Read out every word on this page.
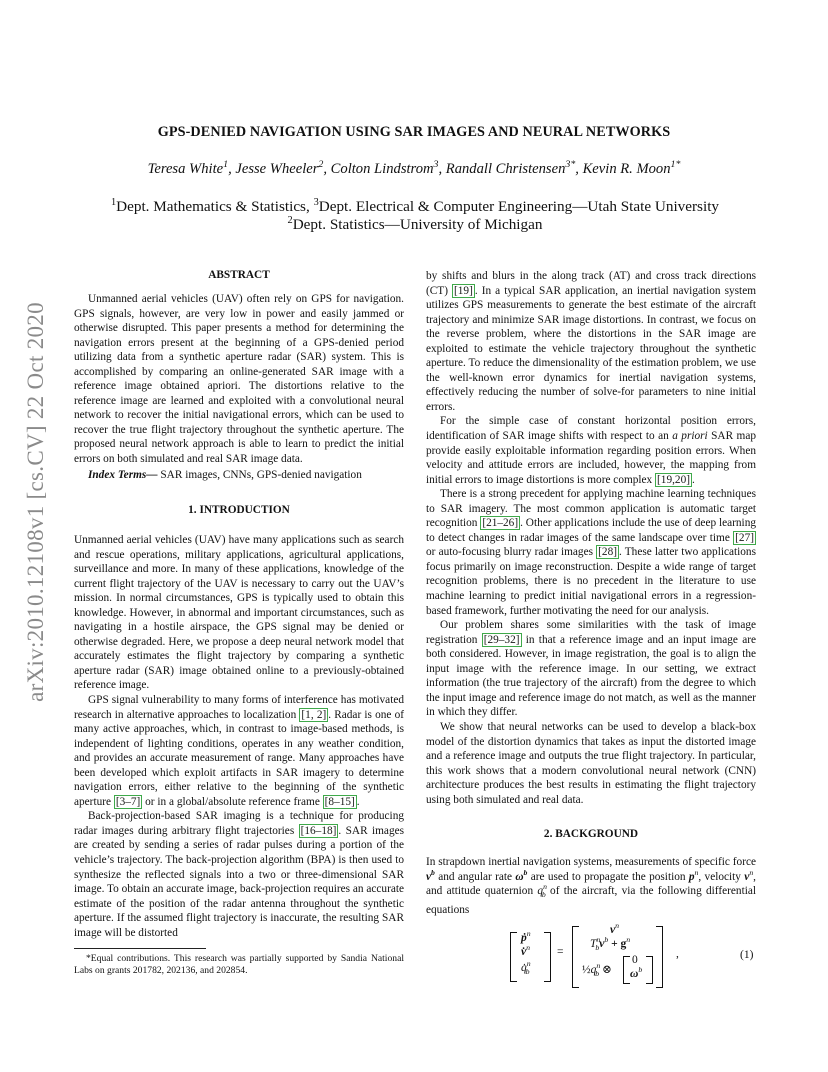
arXiv:2010.12108v1 [cs.CV] 22 Oct 2020
GPS-DENIED NAVIGATION USING SAR IMAGES AND NEURAL NETWORKS
Teresa White$^1$, Jesse Wheeler$^2$, Colton Lindstrom$^3$, Randall Christensen$^{3*}$, Kevin R. Moon$^{1*}$
$^1$Dept. Mathematics & Statistics, $^3$Dept. Electrical & Computer Engineering—Utah State University
$^2$Dept. Statistics—University of Michigan
ABSTRACT

Unmanned aerial vehicles (UAV) often rely on GPS for navigation. GPS signals, however, are very low in power and easily jammed or otherwise disrupted. This paper presents a method for determining the navigation errors present at the beginning of a GPS-denied period utilizing data from a synthetic aperture radar (SAR) system. This is accomplished by comparing an online-generated SAR image with a reference image obtained apriori. The distortions relative to the reference image are learned and exploited with a convolutional neural network to recover the initial navigational errors, which can be used to recover the true flight trajectory throughout the synthetic aperture. The proposed neural network approach is able to learn to predict the initial errors on both simulated and real SAR image data.

Index Terms— SAR images, CNNs, GPS-denied navigation
1. INTRODUCTION

Unmanned aerial vehicles (UAV) have many applications such as search and rescue operations, military applications, agricultural applications, surveillance and more. In many of these applications, knowledge of the current flight trajectory of the UAV is necessary to carry out the UAV’s mission. In normal circumstances, GPS is typically used to obtain this knowledge. However, in abnormal and important circumstances, such as navigating in a hostile airspace, the GPS signal may be denied or otherwise degraded. Here, we propose a deep neural network model that accurately estimates the flight trajectory by comparing a synthetic aperture radar (SAR) image obtained online to a previously-obtained reference image.

GPS signal vulnerability to many forms of interference has motivated research in alternative approaches to localization [1, 2] . Radar is one of many active approaches, which, in contrast to image-based methods, is independent of lighting conditions, operates in any weather condition, and provides an accurate measurement of range. Many approaches have been developed which exploit artifacts in SAR imagery to determine navigation errors, either relative to the beginning of the synthetic aperture [3–7] or in a global/absolute reference frame [8–15] .

Back-projection-based SAR imaging is a technique for producing radar images during arbitrary flight trajectories [16–18] . SAR images are created by sending a series of radar pulses during a portion of the vehicle’s trajectory. The back-projection algorithm (BPA) is then used to synthesize the reflected signals into a two or three-dimensional SAR image. To obtain an accurate image, back-projection requires an accurate estimate of the position of the radar antenna throughout the synthetic aperture. If the assumed flight trajectory is inaccurate, the resulting SAR image will be distorted

*Equal contributions. This research was partially supported by Sandia National Labs on grants 201782, 202136, and 202854.

by shifts and blurs in the along track (AT) and cross track directions (CT) [19] . In a typical SAR application, an inertial navigation system utilizes GPS measurements to generate the best estimate of the aircraft trajectory and minimize SAR image distortions. In contrast, we focus on the reverse problem, where the distortions in the SAR image are exploited to estimate the vehicle trajectory throughout the synthetic aperture. To reduce the dimensionality of the estimation problem, we use the well-known error dynamics for inertial navigation systems, effectively reducing the number of solve-for parameters to nine initial errors.

For the simple case of constant horizontal position errors, identification of SAR image shifts with respect to an a priori SAR map provide easily exploitable information regarding position errors. When velocity and attitude errors are included, however, the mapping from initial errors to image distortions is more complex [19,20] .

There is a strong precedent for applying machine learning techniques to SAR imagery. The most common application is automatic target recognition [21–26] . Other applications include the use of deep learning to detect changes in radar images of the same landscape over time [27] or auto-focusing blurry radar images [28] . These latter two applications focus primarily on image reconstruction. Despite a wide range of target recognition problems, there is no precedent in the literature to use machine learning to predict initial navigational errors in a regression-based framework, further motivating the need for our analysis.

Our problem shares some similarities with the task of image registration [29–32] in that a reference image and an input image are both considered. However, in image registration, the goal is to align the input image with the reference image. In our setting, we extract information (the true trajectory of the aircraft) from the degree to which the input image and reference image do not match, as well as the manner in which they differ.

We show that neural networks can be used to develop a black-box model of the distortion dynamics that takes as input the distorted image and a reference image and outputs the true flight trajectory. In particular, this work shows that a modern convolutional neural network (CNN) architecture produces the best results in estimating the flight trajectory using both simulated and real data.

2. BACKGROUND

In strapdown inertial navigation systems, measurements of specific force $\nu^b$ and angular rate $\omega^b$ are used to propagate the position $p^n$, velocity $v^n$, and attitude quaternion $q^n_b$ of the aircraft, via the following differential equations

ṗ$^n$
v̇$^n$
q̇$^n_b$
=
$v^n$
$T^n_b\nu^b + g^n$
$\frac{1}{2}q^n_b$ ⊗
0
$\omega^b$
,	(1)
